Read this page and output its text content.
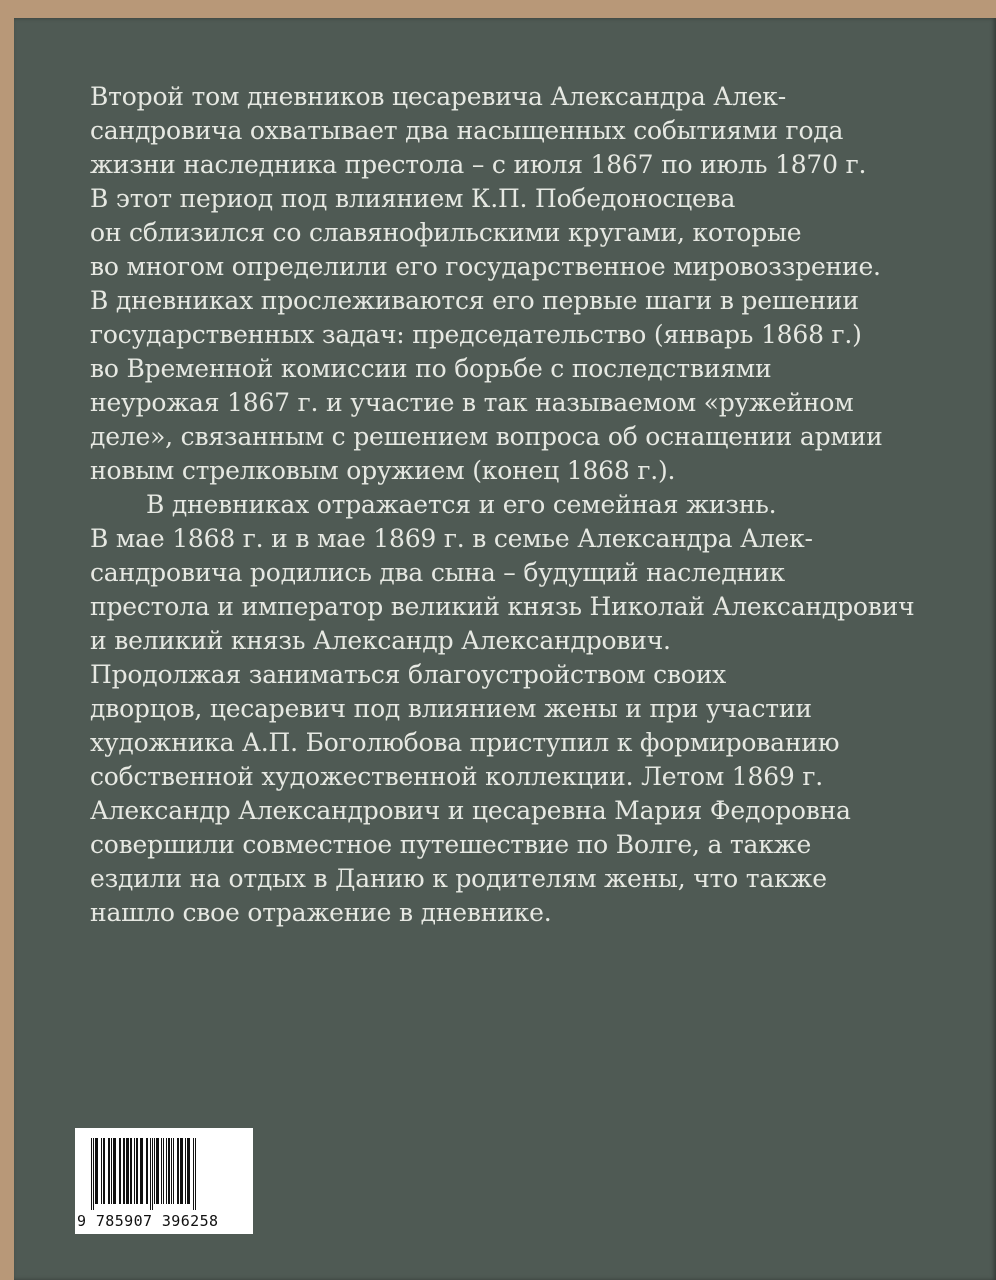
Второй том дневников цесаревича Александра Алек-
сандровича охватывает два насыщенных событиями года
жизни наследника престола – с июля 1867 по июль 1870 г.
В этот период под влиянием К.П. Победоносцева
он сблизился со славянофильскими кругами, которые
во многом определили его государственное мировоззрение.
В дневниках прослеживаются его первые шаги в решении
государственных задач: председательство (январь 1868 г.)
во Временной комиссии по борьбе с последствиями
неурожая 1867 г. и участие в так называемом «ружейном
деле», связанным с решением вопроса об оснащении армии
новым стрелковым оружием (конец 1868 г.).
В дневниках отражается и его семейная жизнь.
В мае 1868 г. и в мае 1869 г. в семье Александра Алек-
сандровича родились два сына – будущий наследник
престола и император великий князь Николай Александрович
и великий князь Александр Александрович.
Продолжая заниматься благоустройством своих
дворцов, цесаревич под влиянием жены и при участии
художника А.П. Боголюбова приступил к формированию
собственной художественной коллекции. Летом 1869 г.
Александр Александрович и цесаревна Мария Федоровна
совершили совместное путешествие по Волге, а также
ездили на отдых в Данию к родителям жены, что также
нашло свое отражение в дневнике.
9 785907 396258
